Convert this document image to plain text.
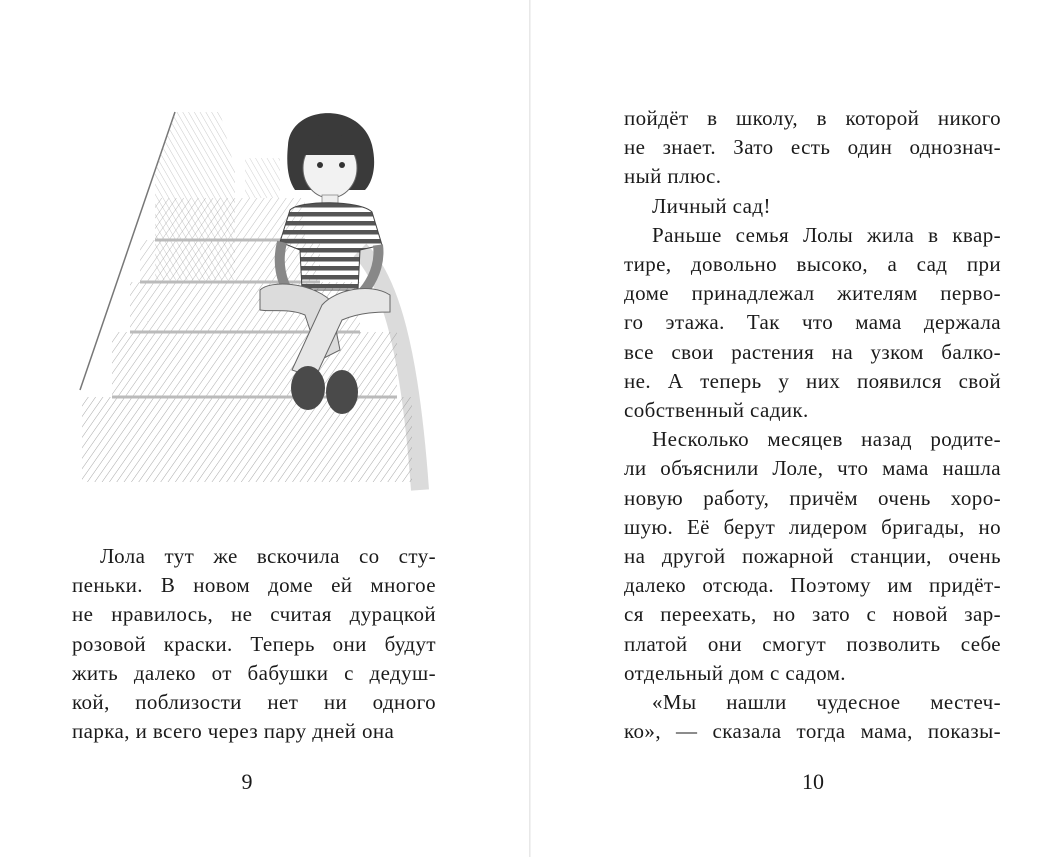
Лола тут же вскочила со сту-
пеньки. В новом доме ей многое
не нравилось, не считая дурацкой
розовой краски. Теперь они будут
жить далеко от бабушки с дедуш-
кой, поблизости нет ни одного
парка, и всего через пару дней она

9

пойдёт в школу, в которой никого
не знает. Зато есть один однознач-
ный плюс.

Личный сад!

Раньше семья Лолы жила в квар-
тире, довольно высоко, а сад при
доме принадлежал жителям перво-
го этажа. Так что мама держала
все свои растения на узком балко-
не. А теперь у них появился свой
собственный садик.

Несколько месяцев назад родите-
ли объяснили Лоле, что мама нашла
новую работу, причём очень хоро-
шую. Её берут лидером бригады, но
на другой пожарной станции, очень
далеко отсюда. Поэтому им придёт-
ся переехать, но зато с новой зар-
платой они смогут позволить себе
отдельный дом с садом.

«Мы нашли чудесное местеч-
ко», — сказала тогда мама, показы-

10
